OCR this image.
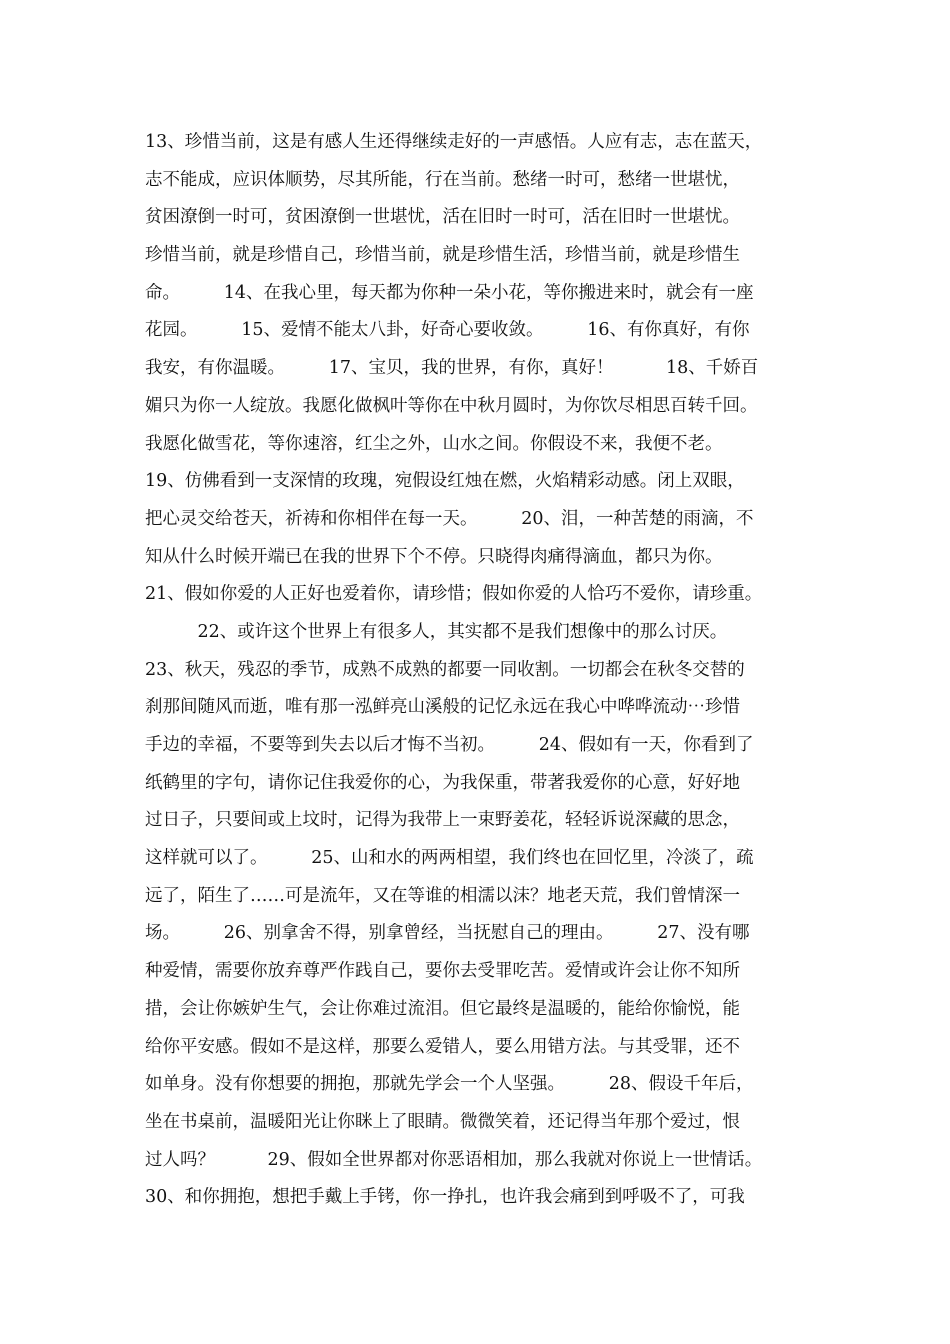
13、珍惜当前，这是有感人生还得继续走好的一声感悟。人应有志，志在蓝天，
志不能成，应识体顺势，尽其所能，行在当前。愁绪一时可，愁绪一世堪忧，
贫困潦倒一时可，贫困潦倒一世堪忧，活在旧时一时可，活在旧时一世堪忧。
珍惜当前，就是珍惜自己，珍惜当前，就是珍惜生活，珍惜当前，就是珍惜生
命。　　　14、在我心里，每天都为你种一朵小花，等你搬进来时，就会有一座
花园。　　　15、爱情不能太八卦，好奇心要收敛。　　　16、有你真好，有你
我安，有你温暖。　　　17、宝贝，我的世界，有你，真好！　　　18、千娇百
媚只为你一人绽放。我愿化做枫叶等你在中秋月圆时，为你饮尽相思百转千回。
我愿化做雪花，等你速溶，红尘之外，山水之间。你假设不来，我便不老。
19、仿佛看到一支深情的玫瑰，宛假设红烛在燃，火焰精彩动感。闭上双眼，
把心灵交给苍天，祈祷和你相伴在每一天。　　　20、泪，一种苦楚的雨滴，不
知从什么时候开端已在我的世界下个不停。只晓得肉痛得滴血，都只为你。
21、假如你爱的人正好也爱着你，请珍惜；假如你爱的人恰巧不爱你，请珍重。
　　　22、或许这个世界上有很多人，其实都不是我们想像中的那么讨厌。
23、秋天，残忍的季节，成熟不成熟的都要一同收割。一切都会在秋冬交替的
刹那间随风而逝，唯有那一泓鲜亮山溪般的记忆永远在我心中哗哗流动⋯珍惜
手边的幸福，不要等到失去以后才悔不当初。　　　24、假如有一天，你看到了
纸鹤里的字句，请你记住我爱你的心，为我保重，带著我爱你的心意，好好地
过日子，只要间或上坟时，记得为我带上一束野姜花，轻轻诉说深藏的思念，
这样就可以了。　　　25、山和水的两两相望，我们终也在回忆里，冷淡了，疏
远了，陌生了……可是流年，又在等谁的相濡以沫？地老天荒，我们曾情深一
场。　　　26、别拿舍不得，别拿曾经，当抚慰自己的理由。　　　27、没有哪
种爱情，需要你放弃尊严作践自己，要你去受罪吃苦。爱情或许会让你不知所
措，会让你嫉妒生气，会让你难过流泪。但它最终是温暖的，能给你愉悦，能
给你平安感。假如不是这样，那要么爱错人，要么用错方法。与其受罪，还不
如单身。没有你想要的拥抱，那就先学会一个人坚强。　　　28、假设千年后，
坐在书桌前，温暖阳光让你眯上了眼睛。微微笑着，还记得当年那个爱过，恨
过人吗？　　　29、假如全世界都对你恶语相加，那么我就对你说上一世情话。
30、和你拥抱，想把手戴上手铐，你一挣扎，也许我会痛到到呼吸不了，可我
